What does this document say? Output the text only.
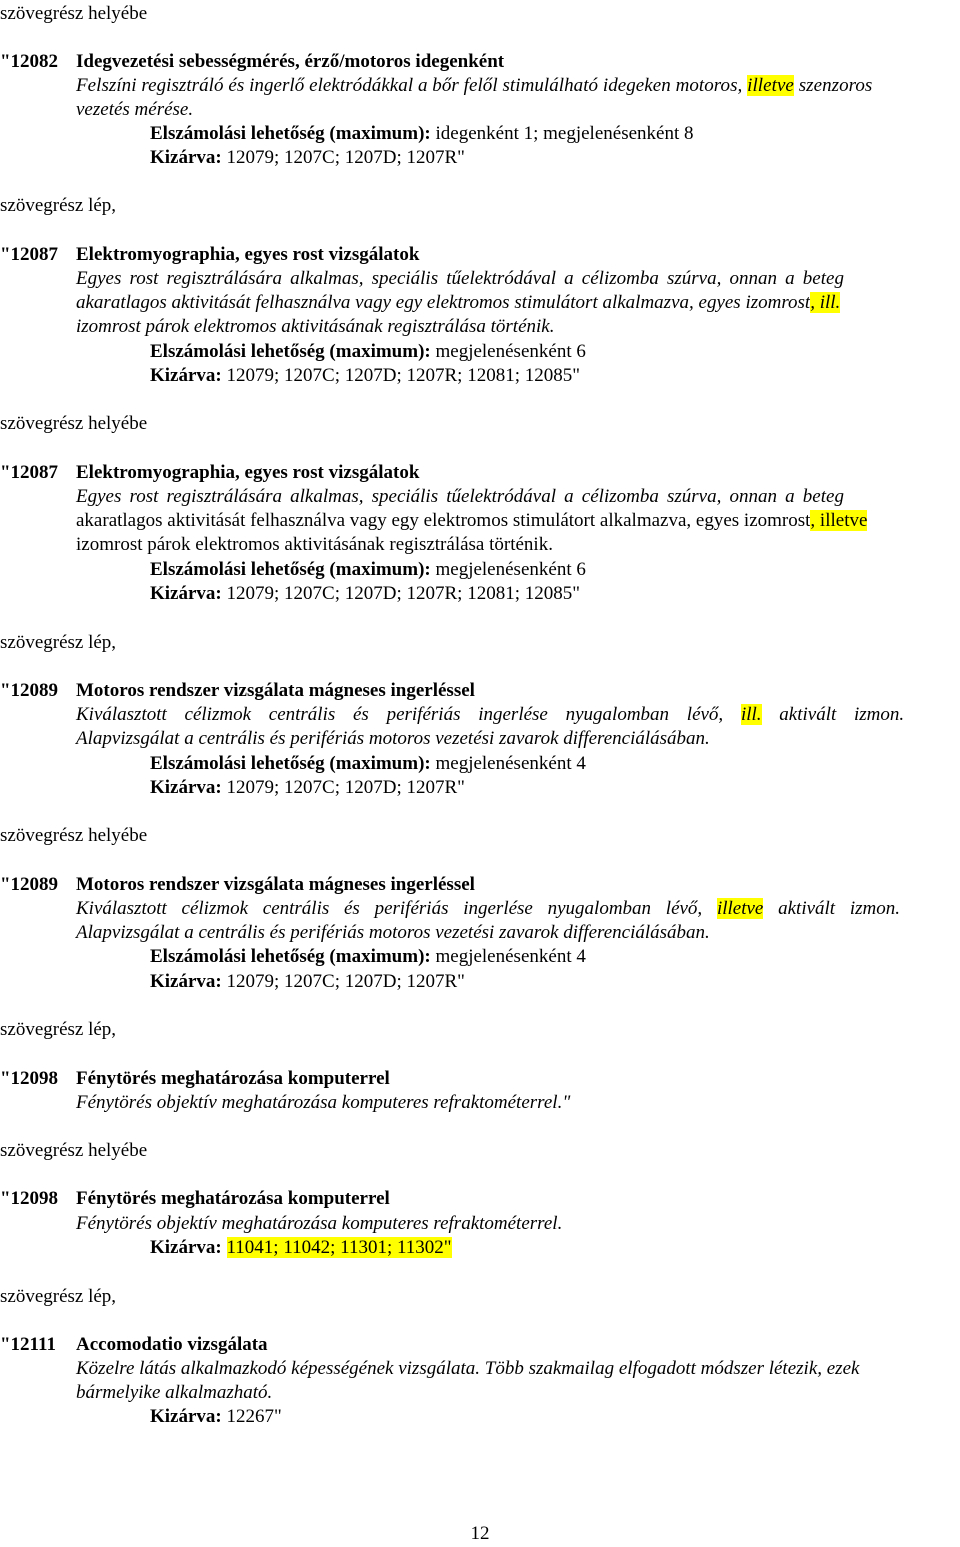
szövegrész helyébe
"12082 Idegvezetési sebességmérés, érző/motoros idegenként
Felszíni regisztráló és ingerlő elektródákkal a bőr felől stimulálható idegeken motoros, illetve szenzoros
vezetés mérése.
Elszámolási lehetőség (maximum): idegenként 1; megjelenésenként 8
Kizárva: 12079; 1207C; 1207D; 1207R"
szövegrész lép,
"12087 Elektromyographia, egyes rost vizsgálatok
Egyes rost regisztrálására alkalmas, speciális tűelektródával a célizomba szúrva, onnan a beteg
akaratlagos aktivitását felhasználva vagy egy elektromos stimulátort alkalmazva, egyes izomrost, ill.
izomrost párok elektromos aktivitásának regisztrálása történik.
Elszámolási lehetőség (maximum): megjelenésenként 6
Kizárva: 12079; 1207C; 1207D; 1207R; 12081; 12085"
szövegrész helyébe
"12087 Elektromyographia, egyes rost vizsgálatok
Egyes rost regisztrálására alkalmas, speciális tűelektródával a célizomba szúrva, onnan a beteg
akaratlagos aktivitását felhasználva vagy egy elektromos stimulátort alkalmazva, egyes izomrost, illetve
izomrost párok elektromos aktivitásának regisztrálása történik.
Elszámolási lehetőség (maximum): megjelenésenként 6
Kizárva: 12079; 1207C; 1207D; 1207R; 12081; 12085"
szövegrész lép,
"12089 Motoros rendszer vizsgálata mágneses ingerléssel
Kiválasztott célizmok centrális és perifériás ingerlése nyugalomban lévő, ill. aktivált izmon.
Alapvizsgálat a centrális és perifériás motoros vezetési zavarok differenciálásában.
Elszámolási lehetőség (maximum): megjelenésenként 4
Kizárva: 12079; 1207C; 1207D; 1207R"
szövegrész helyébe
"12089 Motoros rendszer vizsgálata mágneses ingerléssel
Kiválasztott célizmok centrális és perifériás ingerlése nyugalomban lévő, illetve aktivált izmon.
Alapvizsgálat a centrális és perifériás motoros vezetési zavarok differenciálásában.
Elszámolási lehetőség (maximum): megjelenésenként 4
Kizárva: 12079; 1207C; 1207D; 1207R"
szövegrész lép,
"12098 Fénytörés meghatározása komputerrel
Fénytörés objektív meghatározása komputeres refraktométerrel."
szövegrész helyébe
"12098 Fénytörés meghatározása komputerrel
Fénytörés objektív meghatározása komputeres refraktométerrel.
Kizárva: 11041; 11042; 11301; 11302"
szövegrész lép,
"12111 Accomodatio vizsgálata
Közelre látás alkalmazkodó képességének vizsgálata. Több szakmailag elfogadott módszer létezik, ezek
bármelyike alkalmazható.
Kizárva: 12267"
12
